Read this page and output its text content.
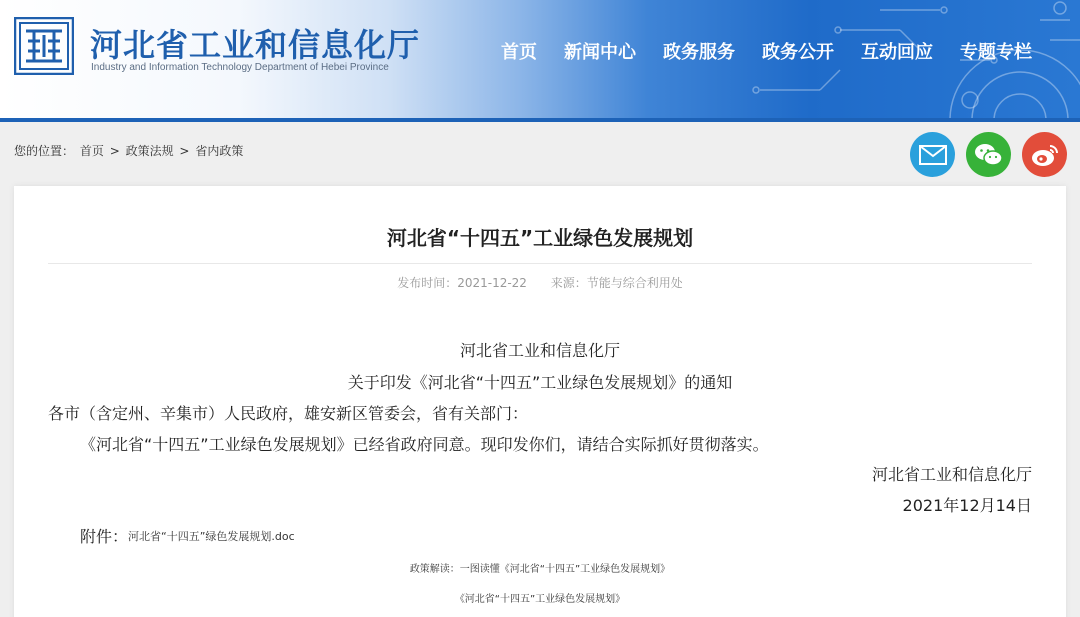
河北省工业和信息化厅
Industry and Information Technology Department of Hebei Province
首页 新闻中心 政务服务 政务公开 互动回应 专题专栏
您的位置： 首页 > 政策法规 > 省内政策
河北省“十四五”工业绿色发展规划
发布时间：2021-12-22 来源：节能与综合利用处
河北省工业和信息化厅
关于印发《河北省“十四五”工业绿色发展规划》的通知
各市（含定州、辛集市）人民政府，雄安新区管委会，省有关部门：
《河北省“十四五”工业绿色发展规划》已经省政府同意。现印发你们，请结合实际抓好贯彻落实。
河北省工业和信息化厅
2021年12月14日
附件： 河北省“十四五”绿色发展规划.doc
政策解读：一图读懂《河北省“十四五”工业绿色发展规划》
《河北省“十四五”工业绿色发展规划》
